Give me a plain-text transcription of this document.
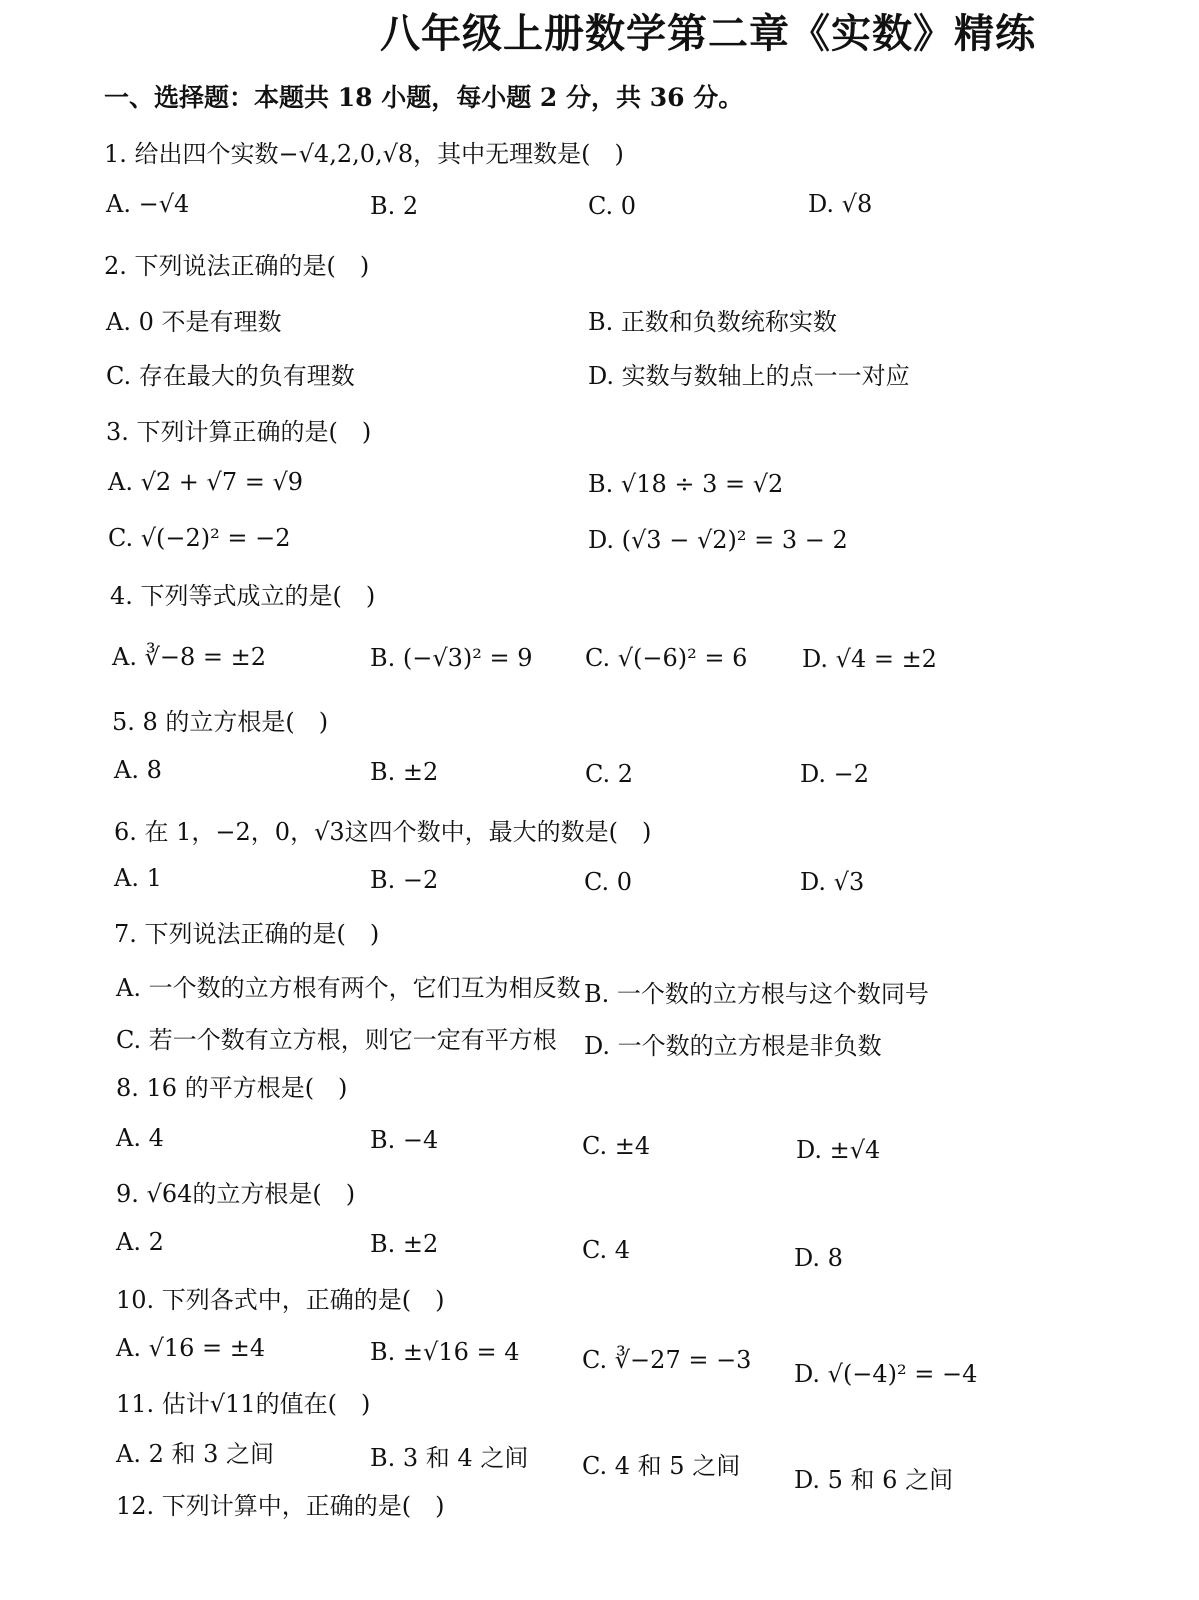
八年级上册数学第二章《实数》精练
一、选择题：本题共 18 小题，每小题 2 分，共 36 分。
1. 给出四个实数−√4,2,0,√8，其中无理数是(　)
A. −√4	B. 2	C. 0	D. √8
2. 下列说法正确的是(　)
A. 0 不是有理数	B. 正数和负数统称实数
C. 存在最大的负有理数	D. 实数与数轴上的点一一对应
3. 下列计算正确的是(　)
A. √2 + √7 = √9	B. √18 ÷ 3 = √2
C. √(−2)² = −2	D. (√3 − √2)² = 3 − 2
4. 下列等式成立的是(　)
A. ∛−8 = ±2	B. (−√3)² = 9 C. √(−6)² = 6 D. √4 = ±2
5. 8 的立方根是(　)
A. 8	B. ±2	C. 2	D. −2
6. 在 1，−2，0，√3这四个数中，最大的数是(　)
A. 1	B. −2	C. 0	D. √3
7. 下列说法正确的是(　)
A. 一个数的立方根有两个，它们互为相反数 B. 一个数的立方根与这个数同号
C. 若一个数有立方根，则它一定有平方根 D. 一个数的立方根是非负数
8. 16 的平方根是(　)
A. 4	B. −4	C. ±4	D. ±√4
9. √64的立方根是(　)
A. 2	B. ±2	C. 4	D. 8
10. 下列各式中，正确的是(　)
A. √16 = ±4	B. ±√16 = 4	C. ∛−27 = −3 D. √(−4)² = −4
11. 估计√11的值在(　)
A. 2 和 3 之间	B. 3 和 4 之间 C. 4 和 5 之间 D. 5 和 6 之间
12. 下列计算中，正确的是(　)
